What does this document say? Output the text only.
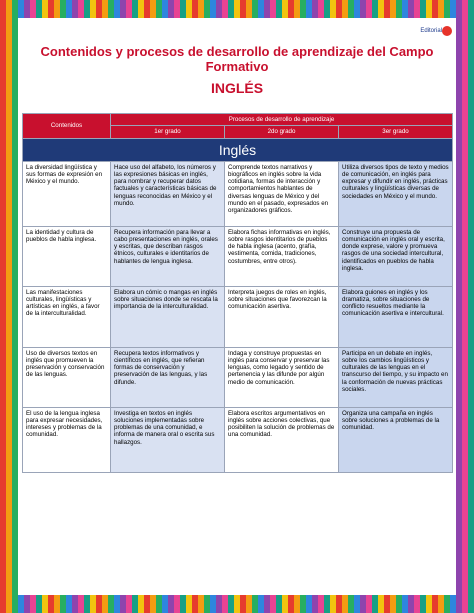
Editorial
Contenidos y procesos de desarrollo de aprendizaje del Campo Formativo
INGLÉS
Contenidos	Procesos de desarrollo de aprendizaje		
	1er grado	2do grado	3er grado
Inglés			
La diversidad lingüística y sus formas de expresión en México y el mundo.	Hace uso del alfabeto, los números y las expresiones básicas en inglés, para nombrar y recuperar datos factuales y características básicas de lenguas reconocidas en México y el mundo.	Comprende textos narrativos y biográficos en inglés sobre la vida cotidiana, formas de interacción y comportamientos hablantes de diversas lenguas de México y del mundo en el pasado, expresados en organizadores gráficos.	Utiliza diversos tipos de texto y medios de comunicación, en inglés para expresar y difundir en inglés, prácticas culturales y lingüísticas diversas de sociedades en México y el mundo.
La identidad y cultura de pueblos de habla inglesa.	Recupera información para llevar a cabo presentaciones en inglés, orales y escritas, que describan rasgos étnicos, culturales e identitarios de hablantes de lengua inglesa.	Elabora fichas informativas en inglés, sobre rasgos identitarios de pueblos de habla inglesa (acento, grafía, vestimenta, comida, tradiciones, costumbres, entre otros).	Construye una propuesta de comunicación en inglés oral y escrita, donde exprese, valore y promueva rasgos de una sociedad intercultural, identificados en pueblos de habla inglesa.
Las manifestaciones culturales, lingüísticas y artísticas en inglés, a favor de la interculturalidad.	Elabora un cómic o mangas en inglés sobre situaciones donde se rescata la importancia de la interculturalidad.	Interpreta juegos de roles en inglés, sobre situaciones que favorezcan la comunicación asertiva.	Elabora guiones en inglés y los dramatiza, sobre situaciones de conflicto resueltos mediante la comunicación asertiva e intercultural.
Uso de diversos textos en inglés que promueven la preservación y conservación de las lenguas.	Recupera textos informativos y científicos en inglés, que refieran formas de conservación y preservación de las lenguas, y las difunde.	Indaga y construye propuestas en inglés para conservar y preservar las lenguas, como legado y sentido de pertenencia y las difunde por algún medio de comunicación.	Participa en un debate en inglés, sobre los cambios lingüísticos y culturales de las lenguas en el transcurso del tiempo, y su impacto en la conformación de nuevas prácticas sociales.
El uso de la lengua inglesa para expresar necesidades, intereses y problemas de la comunidad.	Investiga en textos en inglés soluciones implementadas sobre problemas de una comunidad, e informa de manera oral o escrita sus hallazgos.	Elabora escritos argumentativos en inglés sobre acciones colectivas, que posibiliten la solución de problemas de una comunidad.	Organiza una campaña en inglés sobre soluciones a problemas de la comunidad.
